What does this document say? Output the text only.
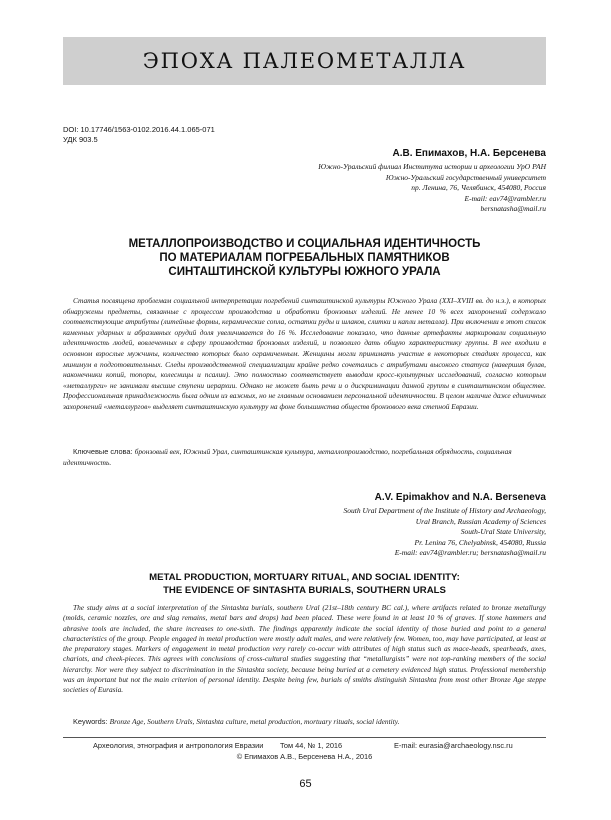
ЭПОХА ПАЛЕОМЕТАЛЛА
DOI: 10.17746/1563-0102.2016.44.1.065-071
УДК 903.5
А.В. Епимахов, Н.А. Берсенева
Южно-Уральский филиал Института истории и археологии УрО РАН
Южно-Уральский государственный университет
пр. Ленина, 76, Челябинск, 454080, Россия
E-mail: eav74@rambler.ru
bersnatasha@mail.ru
МЕТАЛЛОПРОИЗВОДСТВО И СОЦИАЛЬНАЯ ИДЕНТИЧНОСТЬ
ПО МАТЕРИАЛАМ ПОГРЕБАЛЬНЫХ ПАМЯТНИКОВ
СИНТАШТИНСКОЙ КУЛЬТУРЫ ЮЖНОГО УРАЛА

Статья посвящена проблемам социальной интерпретации погребений синташтинской культуры Южного Урала (XXI–XVIII вв. до н.э.), в которых обнаружены предметы, связанные с процессом производства и обработки бронзовых изделий. Не менее 10 % всех захоронений содержало соответствующие атрибуты (литейные формы, керамические сопла, остатки руды и шлаков, слитки и капли металла). При включении в этот список каменных ударных и абразивных орудий доля увеличивается до 16 %. Исследование показало, что данные артефакты маркировали социальную идентичность людей, вовлеченных в сферу производства бронзовых изделий, и позволило дать общую характеристику группы. В нее входили в основном взрослые мужчины, количество которых было ограниченным. Женщины могли принимать участие в некоторых стадиях процесса, как минимум в подготовительных. Следы производственной специализации крайне редко сочетались с атрибутами высокого статуса (навершия булав, наконечники копий, топоры, колесницы и псалии). Это полностью соответствует выводам кросс-культурных исследований, согласно которым «металлурги» не занимали высшие ступени иерархии. Однако не может быть речи и о дискриминации данной группы в синташтинском обществе. Профессиональная принадлежность была одним из важных, но не главным основанием персональной идентичности. В целом наличие даже единичных захоронений «металлургов» выделяет синташтинскую культуру на фоне большинства обществ бронзового века степной Евразии.

Ключевые слова: бронзовый век, Южный Урал, синташтинская культура, металлопроизводство, погребальная обрядность, социальная идентичность.

A.V. Epimakhov and N.A. Berseneva
South Ural Department of the Institute of History and Archaeology,
Ural Branch, Russian Academy of Sciences
South-Ural State University,
Pr. Lenina 76, Chelyabinsk, 454080, Russia
E-mail: eav74@rambler.ru; bersnatasha@mail.ru
METAL PRODUCTION, MORTUARY RITUAL, AND SOCIAL IDENTITY:
THE EVIDENCE OF SINTASHTA BURIALS, SOUTHERN URALS

The study aims at a social interpretation of the Sintashta burials, southern Ural (21st–18th century BC cal.), where artifacts related to bronze metallurgy (molds, ceramic nozzles, ore and slag remains, metal bars and drops) had been placed. These were found in at least 10 % of graves. If stone hammers and abrasive tools are included, the share increases to one-sixth. The findings apparently indicate the social identity of those buried and point to a general characteristics of the group. People engaged in metal production were mostly adult males, and were relatively few. Women, too, may have participated, at least at the preparatory stages. Markers of engagement in metal production very rarely co-occur with attributes of high status such as mace-heads, spearheads, axes, chariots, and cheek-pieces. This agrees with conclusions of cross-cultural studies suggesting that “metallurgists” were not top-ranking members of the social hierarchy. Nor were they subject to discrimination in the Sintashta society, because being buried at a cemetery evidenced high status. Professional membership was an important but not the main criterion of personal identity. Despite being few, burials of smiths distinguish Sintashta from most other Bronze Age steppe societies of Eurasia.

Keywords: Bronze Age, Southern Urals, Sintashta culture, metal production, mortuary rituals, social identity.

Археология, этнография и антропология Евразии Том 44, № 1, 2016	E-mail: eurasia@archaeology.nsc.ru
© Епимахов А.В., Берсенева Н.А., 2016
65
